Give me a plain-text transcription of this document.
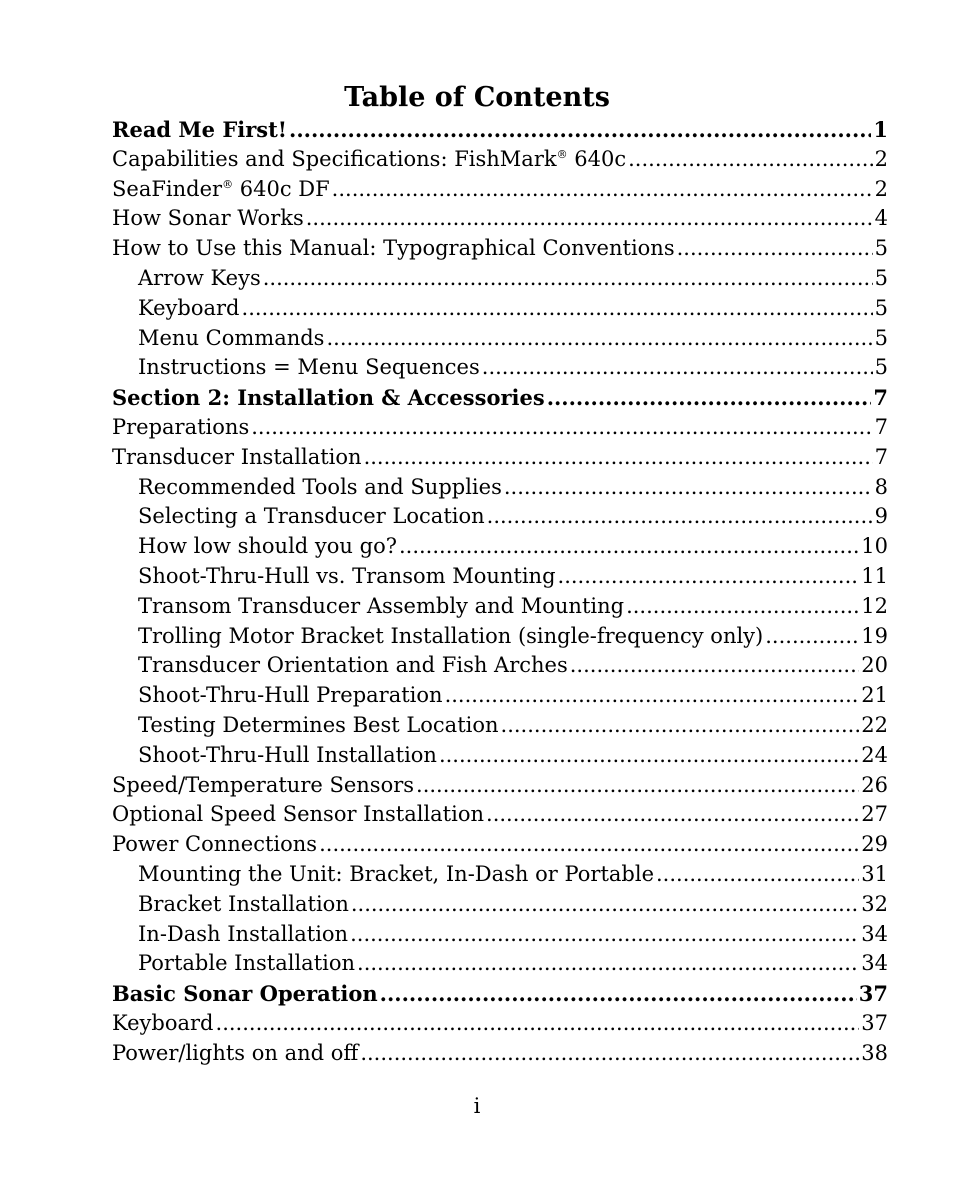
Table of Contents
Read Me First! .....	1
Capabilities and Specifications: FishMark® 640c .....	2
SeaFinder® 640c DF .....	2
How Sonar Works .....	4
How to Use this Manual: Typographical Conventions .....	5
Arrow Keys .....	5
Keyboard .....	5
Menu Commands .....	5
Instructions = Menu Sequences .....	5
Section 2: Installation & Accessories .....	7
Preparations .....	7
Transducer Installation .....	7
Recommended Tools and Supplies .....	8
Selecting a Transducer Location .....	9
How low should you go? .....	10
Shoot-Thru-Hull vs. Transom Mounting .....	11
Transom Transducer Assembly and Mounting .....	12
Trolling Motor Bracket Installation (single-frequency only) .....	19
Transducer Orientation and Fish Arches .....	20
Shoot-Thru-Hull Preparation .....	21
Testing Determines Best Location .....	22
Shoot-Thru-Hull Installation .....	24
Speed/Temperature Sensors .....	26
Optional Speed Sensor Installation .....	27
Power Connections .....	29
Mounting the Unit: Bracket, In-Dash or Portable .....	31
Bracket Installation .....	32
In-Dash Installation .....	34
Portable Installation .....	34
Basic Sonar Operation .....	37
Keyboard .....	37
Power/lights on and off .....	38
i
